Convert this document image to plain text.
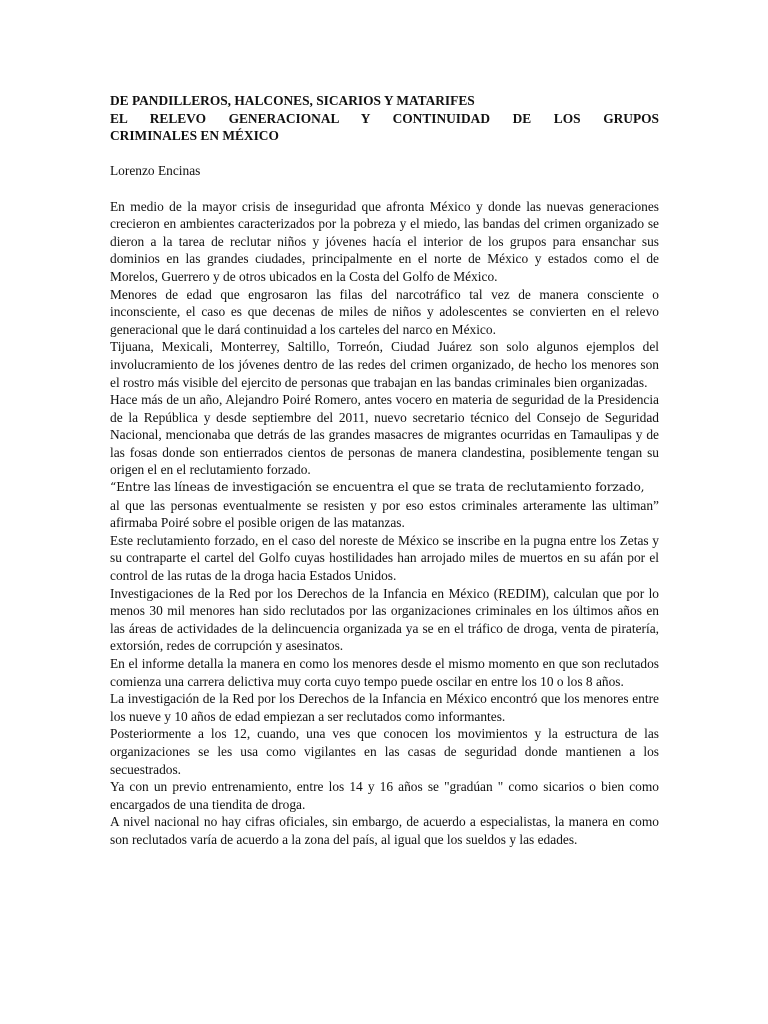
DE PANDILLEROS, HALCONES, SICARIOS Y MATARIFES
EL RELEVO GENERACIONAL Y CONTINUIDAD DE LOS GRUPOS
CRIMINALES EN MÉXICO

Lorenzo Encinas

En medio de la mayor crisis de inseguridad que afronta México y donde las nuevas generaciones crecieron en ambientes caracterizados por la pobreza y el miedo, las bandas del crimen organizado se dieron a la tarea de reclutar niños y jóvenes hacía el interior de los grupos para ensanchar sus dominios en las grandes ciudades, principalmente en el norte de México y estados como el de Morelos, Guerrero y de otros ubicados en la Costa del Golfo de México.

Menores de edad que engrosaron las filas del narcotráfico tal vez de manera consciente o inconsciente, el caso es que decenas de miles de niños y adolescentes se convierten en el relevo generacional que le dará continuidad a los carteles del narco en México.

Tijuana, Mexicali, Monterrey, Saltillo, Torreón, Ciudad Juárez son solo algunos ejemplos del involucramiento de los jóvenes dentro de las redes del crimen organizado, de hecho los menores son el rostro más visible del ejercito de personas que trabajan en las bandas criminales bien organizadas.

Hace más de un año, Alejandro Poiré Romero, antes vocero en materia de seguridad de la Presidencia de la República y desde septiembre del 2011, nuevo secretario técnico del Consejo de Seguridad Nacional, mencionaba que detrás de las grandes masacres de migrantes ocurridas en Tamaulipas y de las fosas donde son entierrados cientos de personas de manera clandestina, posiblemente tengan su origen el en el reclutamiento forzado.

“Entre las líneas de investigación se encuentra el que se trata de reclutamiento forzado,

al que las personas eventualmente se resisten y por eso estos criminales arteramente las ultiman” afirmaba Poiré sobre el posible origen de las matanzas.

Este reclutamiento forzado, en el caso del noreste de México se inscribe en la pugna entre los Zetas y su contraparte el cartel del Golfo cuyas hostilidades han arrojado miles de muertos en su afán por el control de las rutas de la droga hacia Estados Unidos.

Investigaciones de la Red por los Derechos de la Infancia en México (REDIM), calculan que por lo menos 30 mil menores han sido reclutados por las organizaciones criminales en los últimos años en las áreas de actividades de la delincuencia organizada ya se en el tráfico de droga, venta de piratería, extorsión, redes de corrupción y asesinatos.

En el informe detalla la manera en como los menores desde el mismo momento en que son reclutados comienza una carrera delictiva muy corta cuyo tempo puede oscilar en entre los 10 o los 8 años.

La investigación de la Red por los Derechos de la Infancia en México encontró que los menores entre los nueve y 10 años de edad empiezan a ser reclutados como informantes.

Posteriormente a los 12, cuando, una ves que conocen los movimientos y la estructura de las organizaciones se les usa como vigilantes en las casas de seguridad donde mantienen a los secuestrados.

Ya con un previo entrenamiento, entre los 14 y 16 años se "gradúan " como sicarios o bien como encargados de una tiendita de droga.

A nivel nacional no hay cifras oficiales, sin embargo, de acuerdo a especialistas, la manera en como son reclutados varía de acuerdo a la zona del país, al igual que los sueldos y las edades.
